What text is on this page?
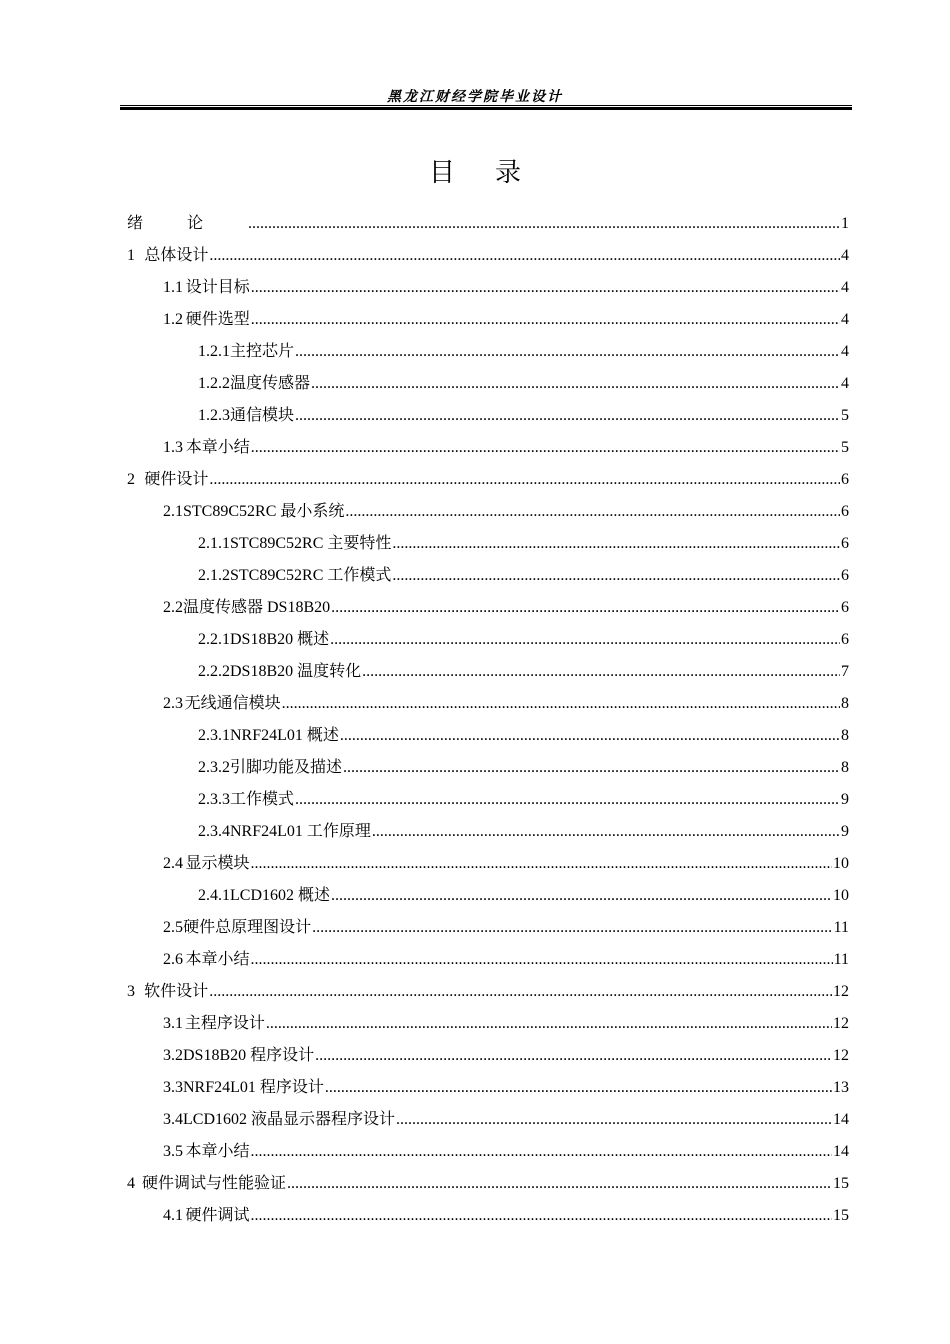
黑龙江财经学院毕业设计
目录
绪论 .....	1
1 总体设计 .....	4
1.1 设计目标 .....	4
1.2 硬件选型 .....	4
1.2.1 主控芯片 .....	4
1.2.2 温度传感器 .....	4
1.2.3 通信模块 .....	5
1.3 本章小结 .....	5
2 硬件设计 .....	6
2.1 STC89C52RC 最小系统 .....	6
2.1.1 STC89C52RC 主要特性 .....	6
2.1.2 STC89C52RC 工作模式 .....	6
2.2 温度传感器 DS18B20 .....	6
2.2.1 DS18B20 概述 .....	6
2.2.2 DS18B20 温度转化 .....	7
2.3 无线通信模块 .....	8
2.3.1 NRF24L01 概述 .....	8
2.3.2 引脚功能及描述 .....	8
2.3.3 工作模式 .....	9
2.3.4 NRF24L01 工作原理 .....	9
2.4 显示模块 .....	10
2.4.1 LCD1602 概述 .....	10
2.5 硬件总原理图设计 .....	11
2.6 本章小结 .....	11
3 软件设计 .....	12
3.1 主程序设计 .....	12
3.2 DS18B20 程序设计 .....	12
3.3 NRF24L01 程序设计 .....	13
3.4 LCD1602 液晶显示器程序设计 .....	14
3.5 本章小结 .....	14
4 硬件调试与性能验证 .....	15
4.1 硬件调试 .....	15
